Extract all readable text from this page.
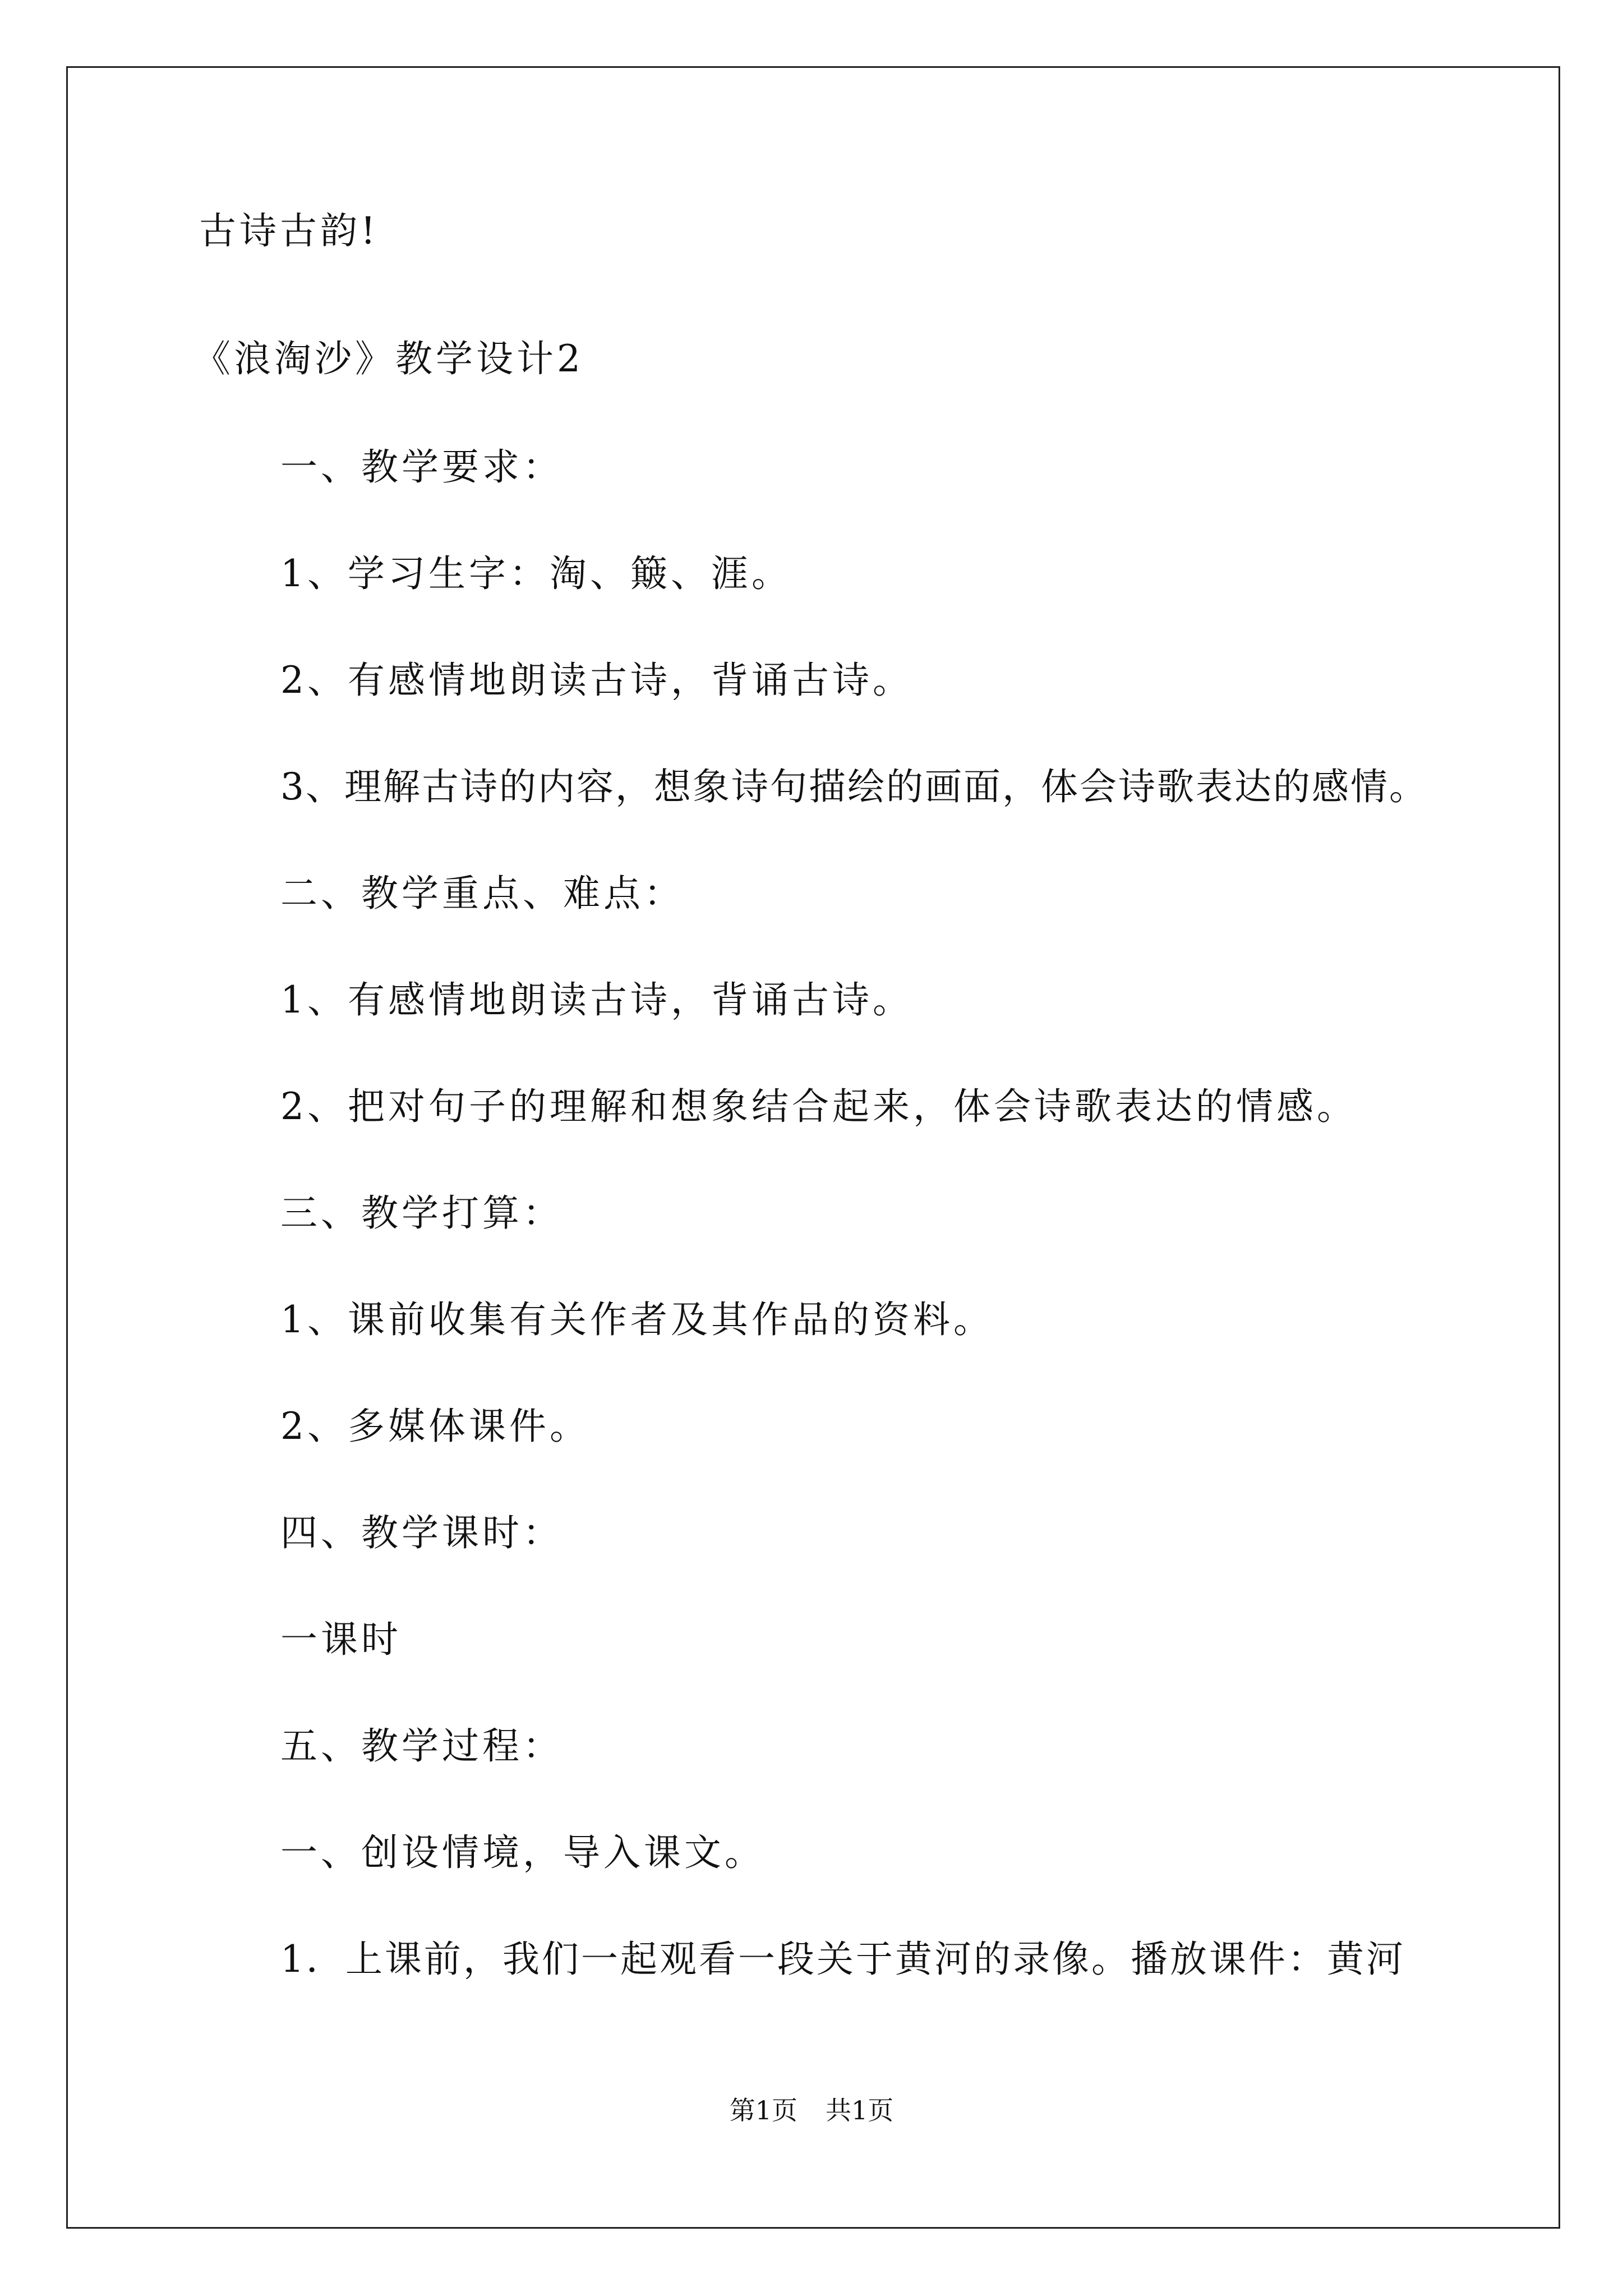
古诗古韵!
《浪淘沙》教学设计2
一、教学要求：
1、学习生字：淘、簸、涯。
2、有感情地朗读古诗，背诵古诗。
3、理解古诗的内容，想象诗句描绘的画面，体会诗歌表达的感情。
二、教学重点、难点：
1、有感情地朗读古诗，背诵古诗。
2、把对句子的理解和想象结合起来，体会诗歌表达的情感。
三、教学打算：
1、课前收集有关作者及其作品的资料。
2、多媒体课件。
四、教学课时：
一课时
五、教学过程：
一、创设情境，导入课文。
1．上课前，我们一起观看一段关于黄河的录像。播放课件：黄河
第1页 共1页
